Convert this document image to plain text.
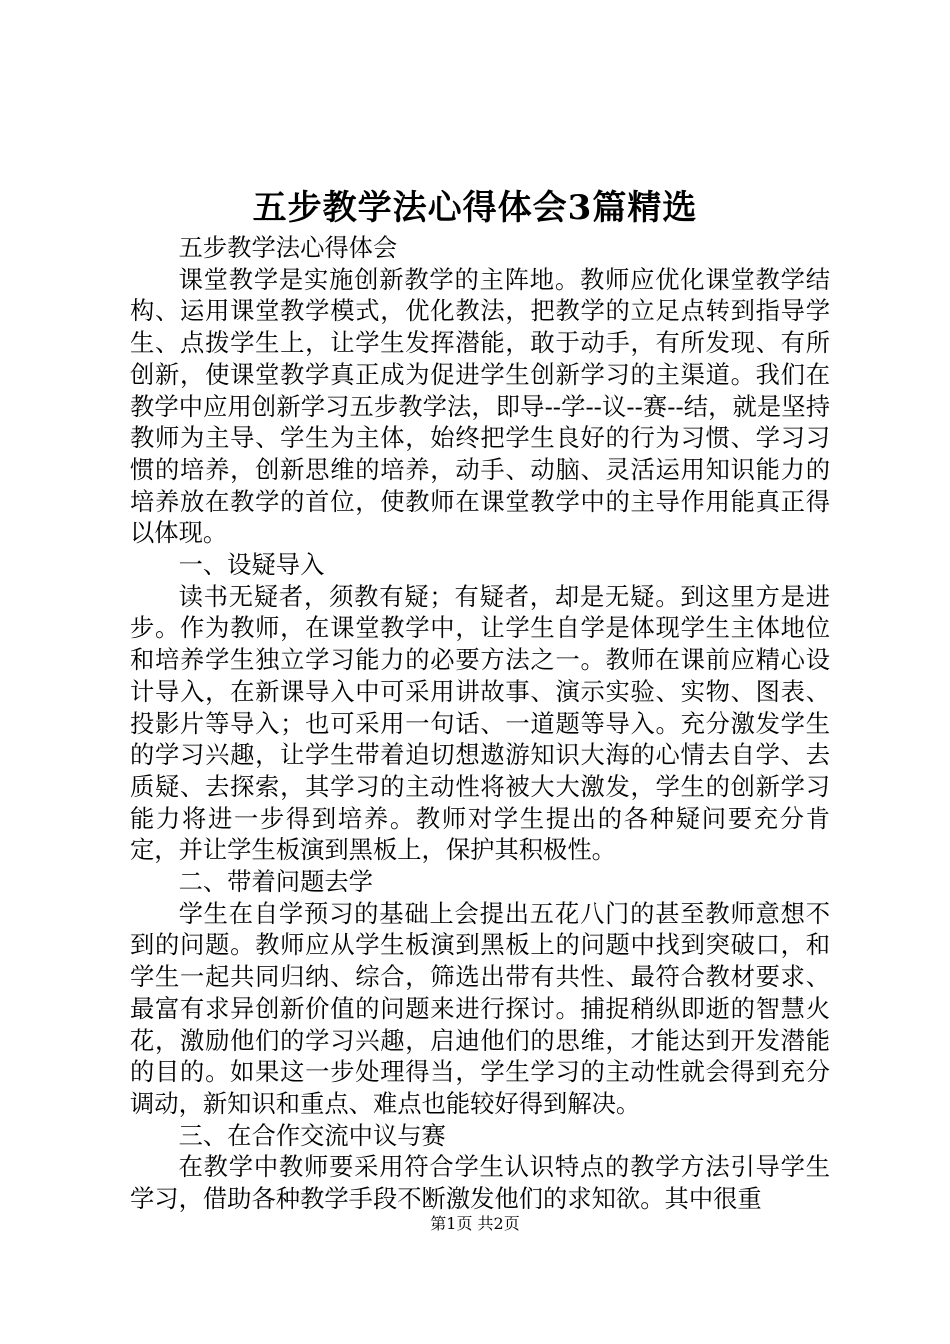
五步教学法心得体会3篇精选

五步教学法心得体会

课堂教学是实施创新教学的主阵地。教师应优化课堂教学结构、运用课堂教学模式，优化教法，把教学的立足点转到指导学生、点拨学生上，让学生发挥潜能，敢于动手，有所发现、有所创新，使课堂教学真正成为促进学生创新学习的主渠道。我们在教学中应用创新学习五步教学法，即导--学--议--赛--结，就是坚持教师为主导、学生为主体，始终把学生良好的行为习惯、学习习惯的培养，创新思维的培养，动手、动脑、灵活运用知识能力的培养放在教学的首位，使教师在课堂教学中的主导作用能真正得以体现。

一、设疑导入

读书无疑者，须教有疑；有疑者，却是无疑。到这里方是进步。作为教师，在课堂教学中，让学生自学是体现学生主体地位和培养学生独立学习能力的必要方法之一。教师在课前应精心设计导入，在新课导入中可采用讲故事、演示实验、实物、图表、投影片等导入；也可采用一句话、一道题等导入。充分激发学生的学习兴趣，让学生带着迫切想遨游知识大海的心情去自学、去质疑、去探索，其学习的主动性将被大大激发，学生的创新学习能力将进一步得到培养。教师对学生提出的各种疑问要充分肯定，并让学生板演到黑板上，保护其积极性。

二、带着问题去学

学生在自学预习的基础上会提出五花八门的甚至教师意想不到的问题。教师应从学生板演到黑板上的问题中找到突破口，和学生一起共同归纳、综合，筛选出带有共性、最符合教材要求、最富有求异创新价值的问题来进行探讨。捕捉稍纵即逝的智慧火花，激励他们的学习兴趣，启迪他们的思维，才能达到开发潜能的目的。如果这一步处理得当，学生学习的主动性就会得到充分调动，新知识和重点、难点也能较好得到解决。

三、在合作交流中议与赛

在教学中教师要采用符合学生认识特点的教学方法引导学生学习，借助各种教学手段不断激发他们的求知欲。其中很重

第1页 共2页
